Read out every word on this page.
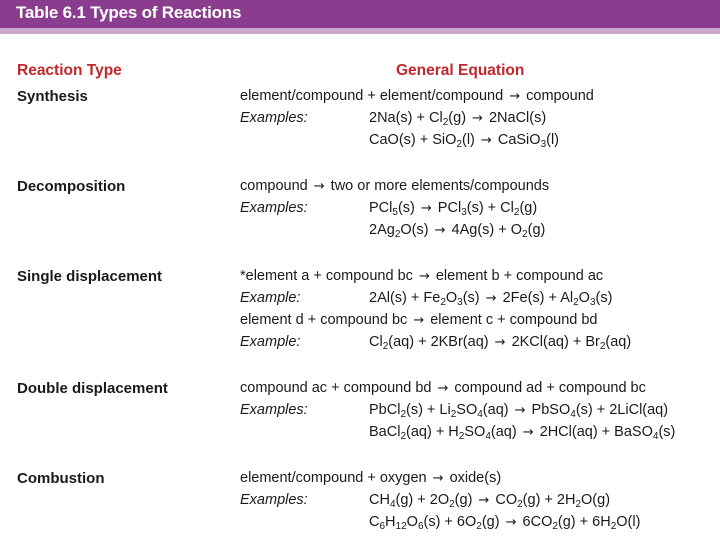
Table 6.1 Types of Reactions
Reaction Type	General Equation
Synthesis	element/compound + element/compound → compound
Examples:	$2Na(s) + Cl_2(g)$ → 2NaCl(s)
CaO(s) + SiO$_2$(l) → CaSiO$_3$(l)
Decomposition	compound → two or more elements/compounds
Examples:	$PCl_5(s) \to PCl_3(s) + Cl_2(g)$
$2Ag_2O(s) \to 4Ag(s) + O_2(g)$
Single displacement	*element a + compound bc → element b + compound ac
Example:	$2Al(s) + Fe_2O_3(s) \to 2Fe(s) + Al_2O_3(s)$
element d + compound bc → element c + compound bd
Example:	$Cl_2(aq) + 2KBr(aq) \to 2KCl(aq) + Br_2(aq)$
Double displacement	compound ac + compound bd → compound ad + compound bc
Examples:	PbCl$_2$(s) + $Li_2SO_4(aq)$ → PbSO$_4$(s) + 2LiCl(aq)
BaCl$_2$(aq) + $H_2SO_4(aq) \to 2HCl(aq)$ + BaSO$_4$(s)
Combustion	element/compound + oxygen → oxide(s)
Examples:	$CH_4(g) + 2O_2(g) \to CO_2(g) + 2H_2O(g)$
$C_6H_{12}O_6(s) + 6O_2(g) \to 6CO_2(g) + 6H_2O(l)$
